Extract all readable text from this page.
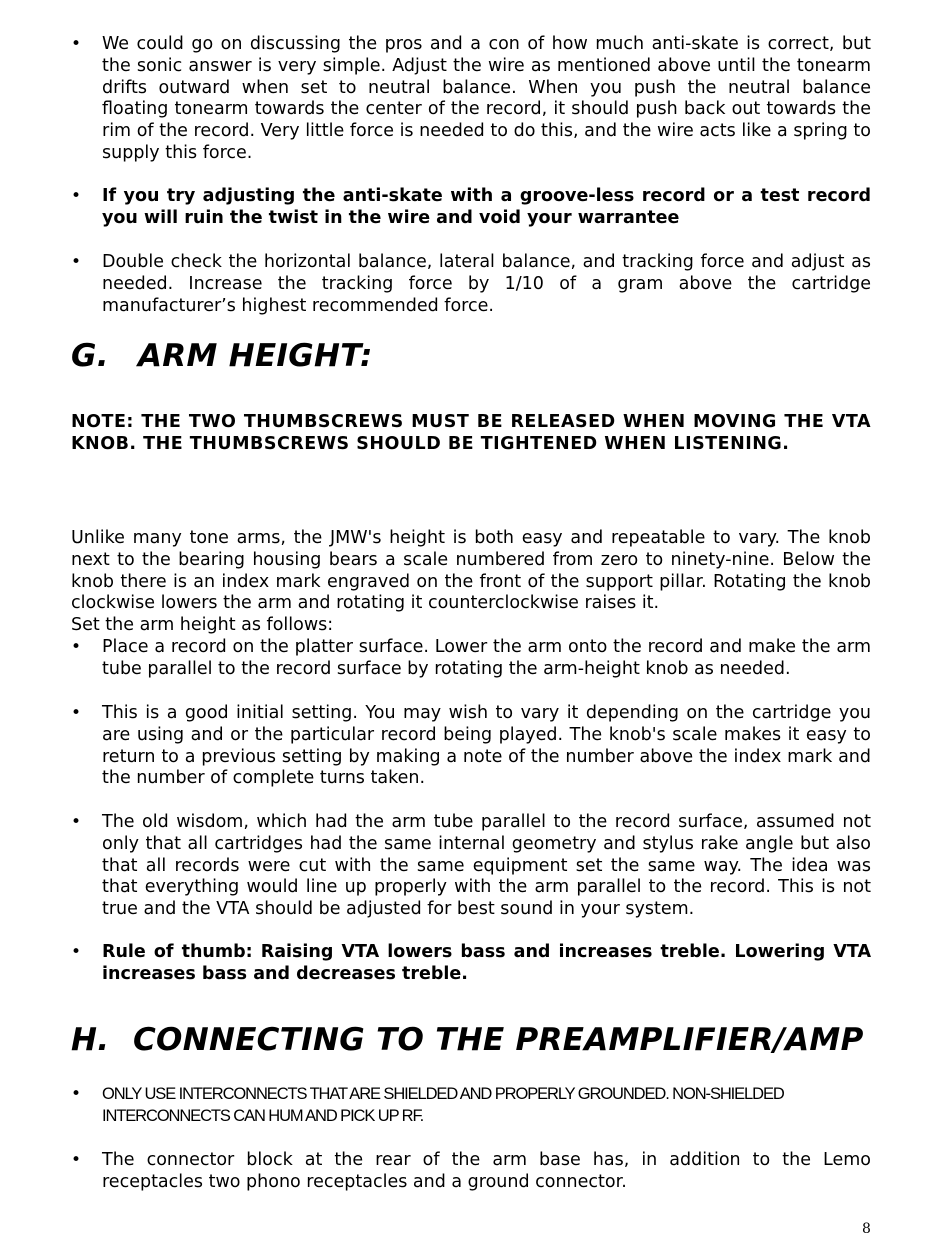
•
We could go on discussing the pros and a con of how much anti-skate is correct, but the sonic answer is very simple. Adjust the wire as mentioned above until the tonearm drifts outward when set to neutral balance. When you push the neutral balance floating tonearm towards the center of the record, it should push back out towards the rim of the record. Very little force is needed to do this, and the wire acts like a spring to supply this force.
•
If you try adjusting the anti-skate with a groove-less record or a test record you will ruin the twist in the wire and void your warrantee
•
Double check the horizontal balance, lateral balance, and tracking force and adjust as needed. Increase the tracking force by 1/10 of a gram above the cartridge manufacturer’s highest recommended force.
G. ARM HEIGHT:
NOTE: THE TWO THUMBSCREWS MUST BE RELEASED WHEN MOVING THE VTA KNOB. THE THUMBSCREWS SHOULD BE TIGHTENED WHEN LISTENING.
Unlike many tone arms, the JMW's height is both easy and repeatable to vary. The knob next to the bearing housing bears a scale numbered from zero to ninety-nine. Below the knob there is an index mark engraved on the front of the support pillar. Rotating the knob clockwise lowers the arm and rotating it counterclockwise raises it.
Set the arm height as follows:
•
Place a record on the platter surface. Lower the arm onto the record and make the arm tube parallel to the record surface by rotating the arm-height knob as needed.
•
This is a good initial setting. You may wish to vary it depending on the cartridge you are using and or the particular record being played. The knob's scale makes it easy to return to a previous setting by making a note of the number above the index mark and the number of complete turns taken.
•
The old wisdom, which had the arm tube parallel to the record surface, assumed not only that all cartridges had the same internal geometry and stylus rake angle but also that all records were cut with the same equipment set the same way. The idea was that everything would line up properly with the arm parallel to the record. This is not true and the VTA should be adjusted for best sound in your system.
•
Rule of thumb: Raising VTA lowers bass and increases treble. Lowering VTA increases bass and decreases treble.
H. CONNECTING TO THE PREAMPLIFIER/AMP
•
ONLY USE INTERCONNECTS THAT ARE SHIELDED AND PROPERLY GROUNDED. NON-SHIELDED INTERCONNECTS CAN HUM AND PICK UP RF.
•
The connector block at the rear of the arm base has, in addition to the Lemo receptacles two phono receptacles and a ground connector.
8
